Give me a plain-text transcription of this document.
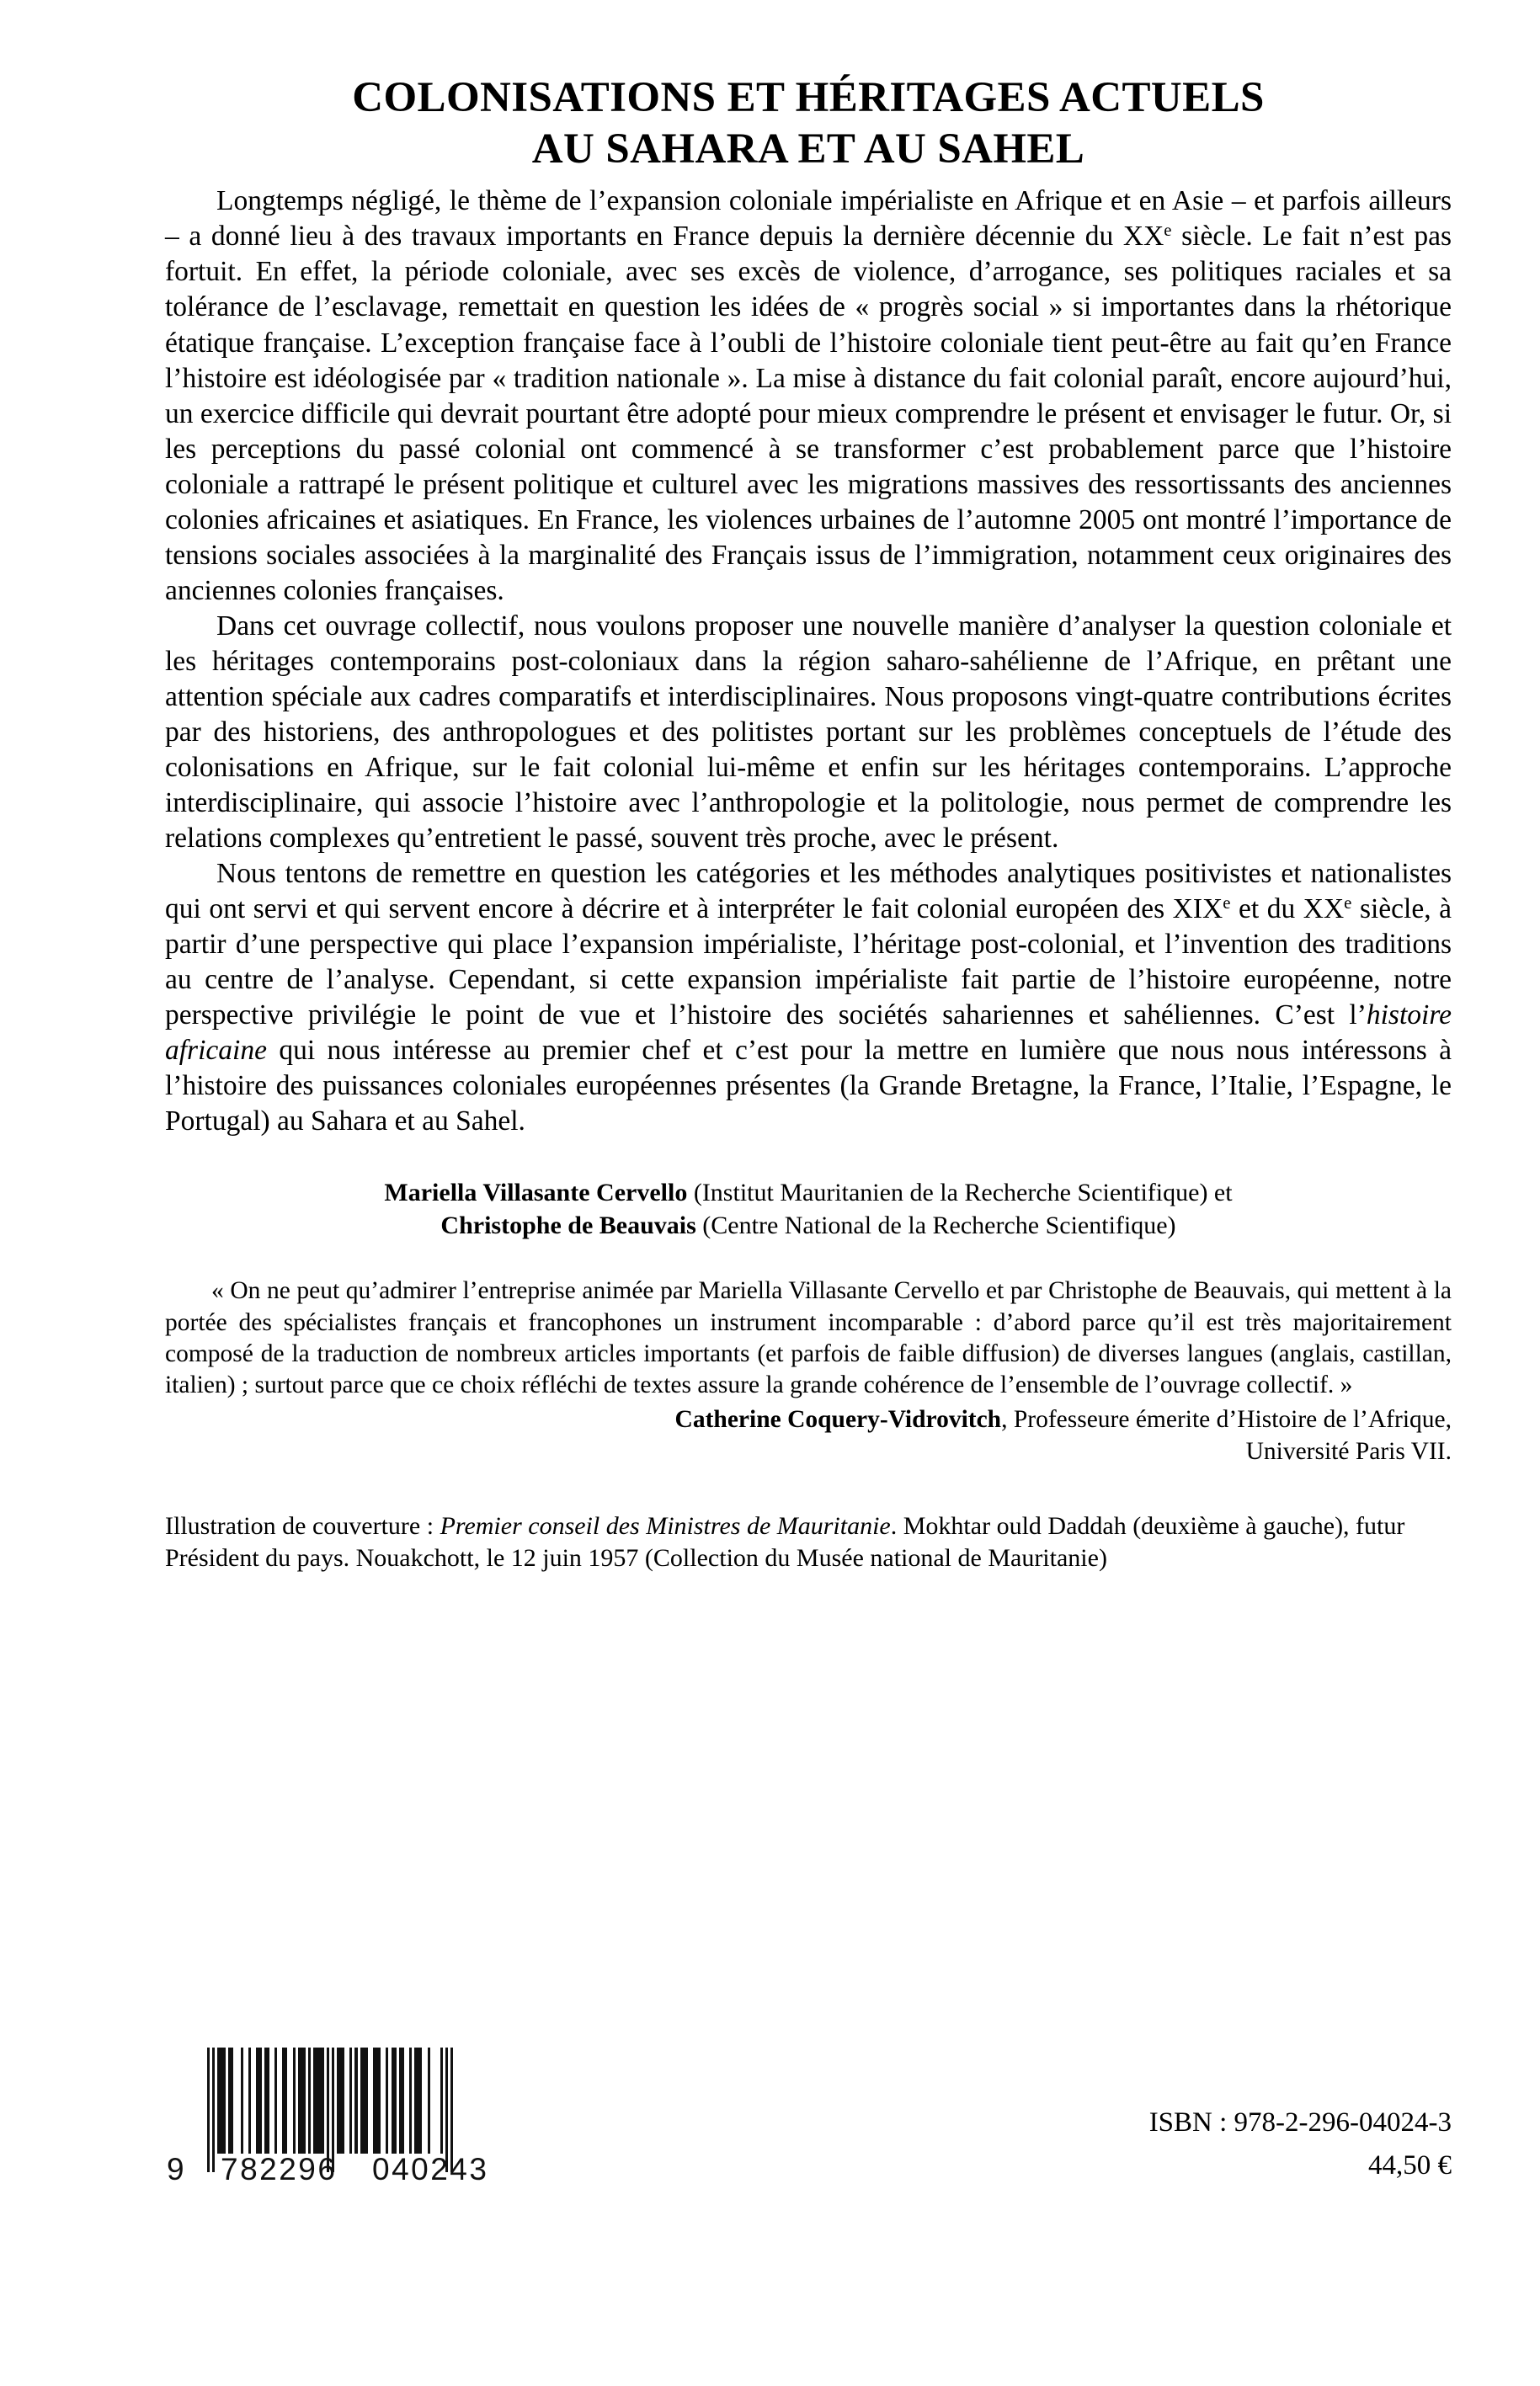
COLONISATIONS ET HÉRITAGES ACTUELS
AU SAHARA ET AU SAHEL

Longtemps négligé, le thème de l’expansion coloniale impérialiste en Afrique et en Asie – et parfois ailleurs – a donné lieu à des travaux importants en France depuis la dernière décennie du XXe siècle. Le fait n’est pas fortuit. En effet, la période coloniale, avec ses excès de violence, d’arrogance, ses politiques raciales et sa tolérance de l’esclavage, remettait en question les idées de « progrès social » si importantes dans la rhétorique étatique française. L’exception française face à l’oubli de l’histoire coloniale tient peut-être au fait qu’en France l’histoire est idéologisée par « tradition nationale ». La mise à distance du fait colonial paraît, encore aujourd’hui, un exercice difficile qui devrait pourtant être adopté pour mieux comprendre le présent et envisager le futur. Or, si les perceptions du passé colonial ont commencé à se transformer c’est probablement parce que l’histoire coloniale a rattrapé le présent politique et culturel avec les migrations massives des ressortissants des anciennes colonies africaines et asiatiques. En France, les violences urbaines de l’automne 2005 ont montré l’importance de tensions sociales associées à la marginalité des Français issus de l’immigration, notamment ceux originaires des anciennes colonies françaises.

Dans cet ouvrage collectif, nous voulons proposer une nouvelle manière d’analyser la question coloniale et les héritages contemporains post-coloniaux dans la région saharo-sahélienne de l’Afrique, en prêtant une attention spéciale aux cadres comparatifs et interdisciplinaires. Nous proposons vingt-quatre contributions écrites par des historiens, des anthropologues et des politistes portant sur les problèmes conceptuels de l’étude des colonisations en Afrique, sur le fait colonial lui-même et enfin sur les héritages contemporains. L’approche interdisciplinaire, qui associe l’histoire avec l’anthropologie et la politologie, nous permet de comprendre les relations complexes qu’entretient le passé, souvent très proche, avec le présent.

Nous tentons de remettre en question les catégories et les méthodes analytiques positivistes et nationalistes qui ont servi et qui servent encore à décrire et à interpréter le fait colonial européen des XIXe et du XXe siècle, à partir d’une perspective qui place l’expansion impérialiste, l’héritage post-colonial, et l’invention des traditions au centre de l’analyse. Cependant, si cette expansion impérialiste fait partie de l’histoire européenne, notre perspective privilégie le point de vue et l’histoire des sociétés sahariennes et sahéliennes. C’est l’histoire africaine qui nous intéresse au premier chef et c’est pour la mettre en lumière que nous nous intéressons à l’histoire des puissances coloniales européennes présentes (la Grande Bretagne, la France, l’Italie, l’Espagne, le Portugal) au Sahara et au Sahel.

Mariella Villasante Cervello (Institut Mauritanien de la Recherche Scientifique) et
Christophe de Beauvais (Centre National de la Recherche Scientifique)

« On ne peut qu’admirer l’entreprise animée par Mariella Villasante Cervello et par Christophe de Beauvais, qui mettent à la portée des spécialistes français et francophones un instrument incomparable : d’abord parce qu’il est très majoritairement composé de la traduction de nombreux articles importants (et parfois de faible diffusion) de diverses langues (anglais, castillan, italien) ; surtout parce que ce choix réfléchi de textes assure la grande cohérence de l’ensemble de l’ouvrage collectif. »

Catherine Coquery-Vidrovitch, Professeure émerite d’Histoire de l’Afrique,
Université Paris VII.

Illustration de couverture : Premier conseil des Ministres de Mauritanie. Mokhtar ould Daddah (deuxième à gauche), futur Président du pays. Nouakchott, le 12 juin 1957 (Collection du Musée national de Mauritanie)

9 782296 040243
ISBN : 978-2-296-04024-3
44,50 €
